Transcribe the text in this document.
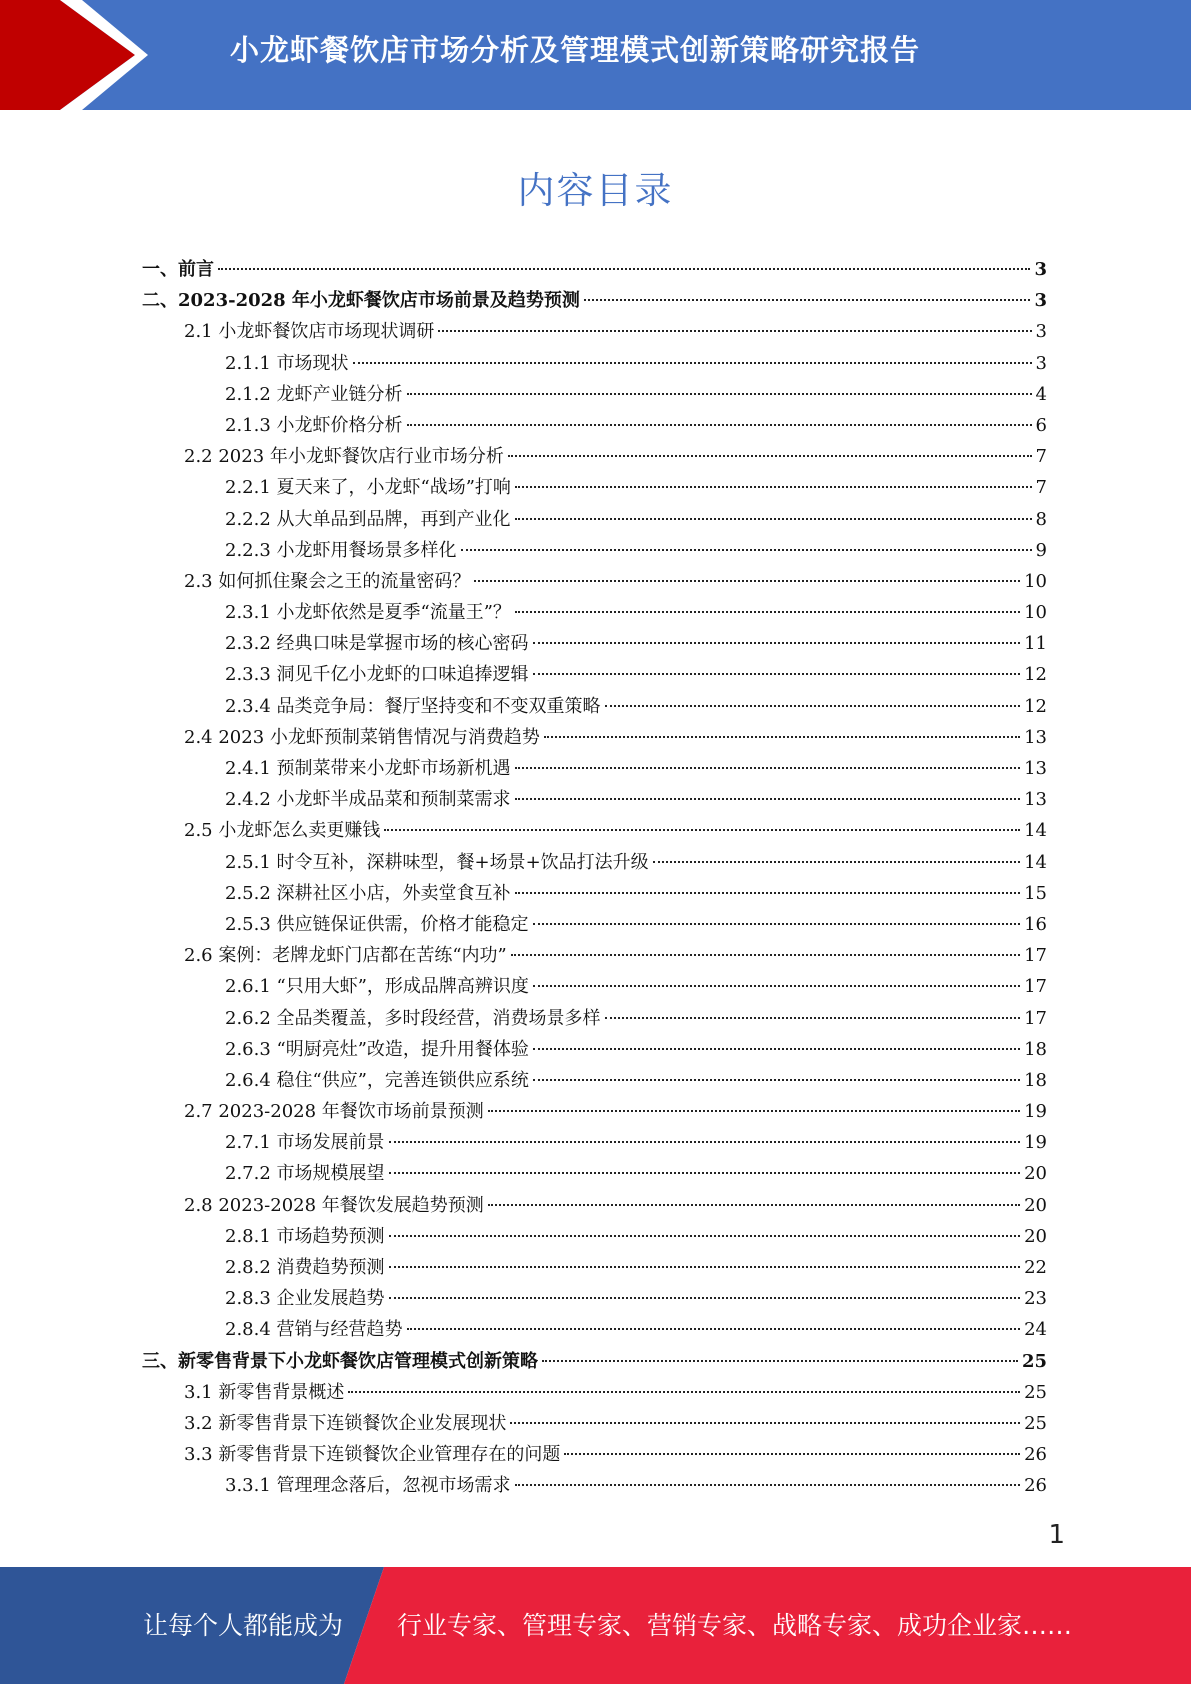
小龙虾餐饮店市场分析及管理模式创新策略研究报告
内容目录
一、前言	3
二、2023-2028 年小龙虾餐饮店市场前景及趋势预测	3
2.1 小龙虾餐饮店市场现状调研	3
2.1.1 市场现状	3
2.1.2 龙虾产业链分析	4
2.1.3 小龙虾价格分析	6
2.2 2023 年小龙虾餐饮店行业市场分析	7
2.2.1 夏天来了，小龙虾“战场”打响	7
2.2.2 从大单品到品牌，再到产业化	8
2.2.3 小龙虾用餐场景多样化	9
2.3 如何抓住聚会之王的流量密码？	10
2.3.1 小龙虾依然是夏季“流量王”？	10
2.3.2 经典口味是掌握市场的核心密码	11
2.3.3 洞见千亿小龙虾的口味追捧逻辑	12
2.3.4 品类竞争局：餐厅坚持变和不变双重策略	12
2.4 2023 小龙虾预制菜销售情况与消费趋势	13
2.4.1 预制菜带来小龙虾市场新机遇	13
2.4.2 小龙虾半成品菜和预制菜需求	13
2.5 小龙虾怎么卖更赚钱	14
2.5.1 时令互补，深耕味型，餐+场景+饮品打法升级	14
2.5.2 深耕社区小店，外卖堂食互补	15
2.5.3 供应链保证供需，价格才能稳定	16
2.6 案例：老牌龙虾门店都在苦练“内功”	17
2.6.1 “只用大虾”，形成品牌高辨识度	17
2.6.2 全品类覆盖，多时段经营，消费场景多样	17
2.6.3 “明厨亮灶”改造，提升用餐体验	18
2.6.4 稳住“供应”，完善连锁供应系统	18
2.7 2023-2028 年餐饮市场前景预测	19
2.7.1 市场发展前景	19
2.7.2 市场规模展望	20
2.8 2023-2028 年餐饮发展趋势预测	20
2.8.1 市场趋势预测	20
2.8.2 消费趋势预测	22
2.8.3 企业发展趋势	23
2.8.4 营销与经营趋势	24
三、新零售背景下小龙虾餐饮店管理模式创新策略	25
3.1 新零售背景概述	25
3.2 新零售背景下连锁餐饮企业发展现状	25
3.3 新零售背景下连锁餐饮企业管理存在的问题	26
3.3.1 管理理念落后，忽视市场需求	26
1
让每个人都能成为 行业专家、管理专家、营销专家、战略专家、成功企业家……
